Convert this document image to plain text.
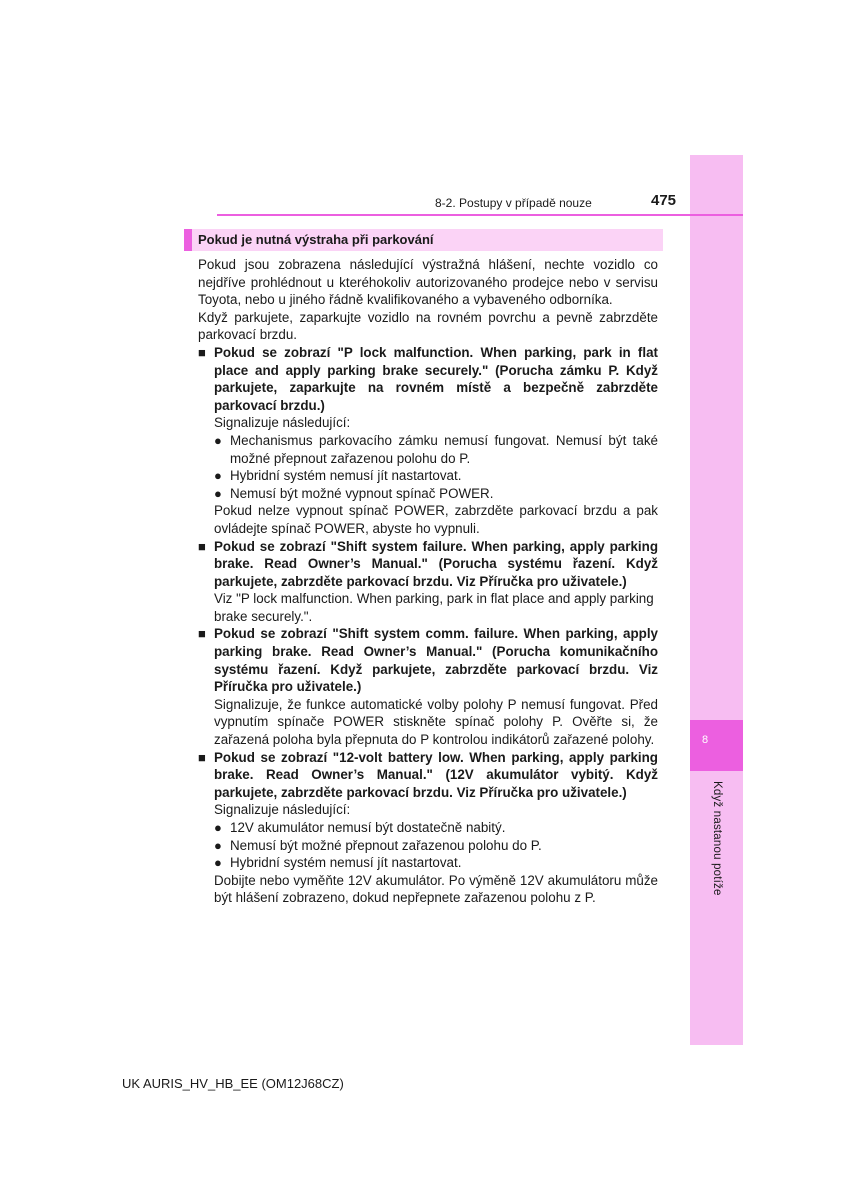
8
Když nastanou potíže
8-2. Postupy v případě nouze	475
Pokud je nutná výstraha při parkování

Pokud jsou zobrazena následující výstražná hlášení, nechte vozidlo co nejdříve prohlédnout u kteréhokoliv autorizovaného prodejce nebo v servisu Toyota, nebo u jiného řádně kvalifikovaného a vybaveného odborníka.

Když parkujete, zaparkujte vozidlo na rovném povrchu a pevně zabrzděte parkovací brzdu.

■ Pokud se zobrazí "P lock malfunction. When parking, park in flat place and apply parking brake securely." (Porucha zámku P. Když parkujete, zaparkujte na rovném místě a bezpečně zabrzděte parkovací brzdu.)

Signalizuje následující:

● Mechanismus parkovacího zámku nemusí fungovat. Nemusí být také možné přepnout zařazenou polohu do P.

● Hybridní systém nemusí jít nastartovat.

● Nemusí být možné vypnout spínač POWER.

Pokud nelze vypnout spínač POWER, zabrzděte parkovací brzdu a pak ovládejte spínač POWER, abyste ho vypnuli.

■ Pokud se zobrazí "Shift system failure. When parking, apply parking brake. Read Owner’s Manual." (Porucha systému řazení. Když parkujete, zabrzděte parkovací brzdu. Viz Příručka pro uživatele.)

Viz "P lock malfunction. When parking, park in flat place and apply parking brake securely.".

■ Pokud se zobrazí "Shift system comm. failure. When parking, apply parking brake. Read Owner’s Manual." (Porucha komunikačního systému řazení. Když parkujete, zabrzděte parkovací brzdu. Viz Příručka pro uživatele.)

Signalizuje, že funkce automatické volby polohy P nemusí fungovat. Před vypnutím spínače POWER stiskněte spínač polohy P. Ověřte si, že zařazená poloha byla přepnuta do P kontrolou indikátorů zařazené polohy.

■ Pokud se zobrazí "12-volt battery low. When parking, apply parking brake. Read Owner’s Manual." (12V akumulátor vybitý. Když parkujete, zabrzděte parkovací brzdu. Viz Příručka pro uživatele.)

Signalizuje následující:

● 12V akumulátor nemusí být dostatečně nabitý.

● Nemusí být možné přepnout zařazenou polohu do P.

● Hybridní systém nemusí jít nastartovat.

Dobijte nebo vyměňte 12V akumulátor. Po výměně 12V akumulátoru může být hlášení zobrazeno, dokud nepřepnete zařazenou polohu z P.

UK AURIS_HV_HB_EE (OM12J68CZ)
